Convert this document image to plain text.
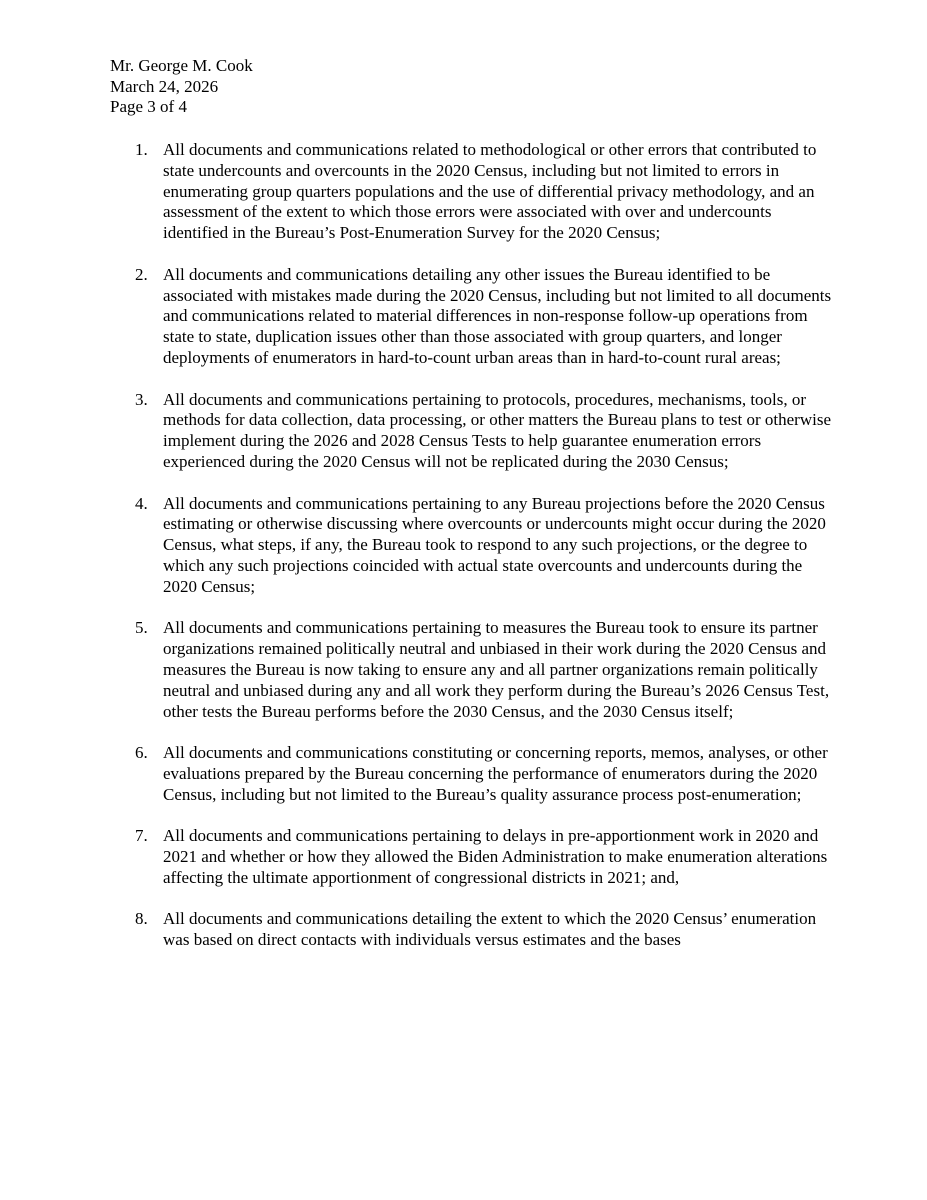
Mr. George M. Cook
March 24, 2026
Page 3 of 4
1. All documents and communications related to methodological or other errors that contributed to state undercounts and overcounts in the 2020 Census, including but not limited to errors in enumerating group quarters populations and the use of differential privacy methodology, and an assessment of the extent to which those errors were associated with over and undercounts identified in the Bureau’s Post-Enumeration Survey for the 2020 Census;
2. All documents and communications detailing any other issues the Bureau identified to be associated with mistakes made during the 2020 Census, including but not limited to all documents and communications related to material differences in non-response follow-up operations from state to state, duplication issues other than those associated with group quarters, and longer deployments of enumerators in hard-to-count urban areas than in hard-to-count rural areas;
3. All documents and communications pertaining to protocols, procedures, mechanisms, tools, or methods for data collection, data processing, or other matters the Bureau plans to test or otherwise implement during the 2026 and 2028 Census Tests to help guarantee enumeration errors experienced during the 2020 Census will not be replicated during the 2030 Census;
4. All documents and communications pertaining to any Bureau projections before the 2020 Census estimating or otherwise discussing where overcounts or undercounts might occur during the 2020 Census, what steps, if any, the Bureau took to respond to any such projections, or the degree to which any such projections coincided with actual state overcounts and undercounts during the 2020 Census;
5. All documents and communications pertaining to measures the Bureau took to ensure its partner organizations remained politically neutral and unbiased in their work during the 2020 Census and measures the Bureau is now taking to ensure any and all partner organizations remain politically neutral and unbiased during any and all work they perform during the Bureau’s 2026 Census Test, other tests the Bureau performs before the 2030 Census, and the 2030 Census itself;
6. All documents and communications constituting or concerning reports, memos, analyses, or other evaluations prepared by the Bureau concerning the performance of enumerators during the 2020 Census, including but not limited to the Bureau’s quality assurance process post-enumeration;
7. All documents and communications pertaining to delays in pre-apportionment work in 2020 and 2021 and whether or how they allowed the Biden Administration to make enumeration alterations affecting the ultimate apportionment of congressional districts in 2021; and,
8. All documents and communications detailing the extent to which the 2020 Census’ enumeration was based on direct contacts with individuals versus estimates and the bases
